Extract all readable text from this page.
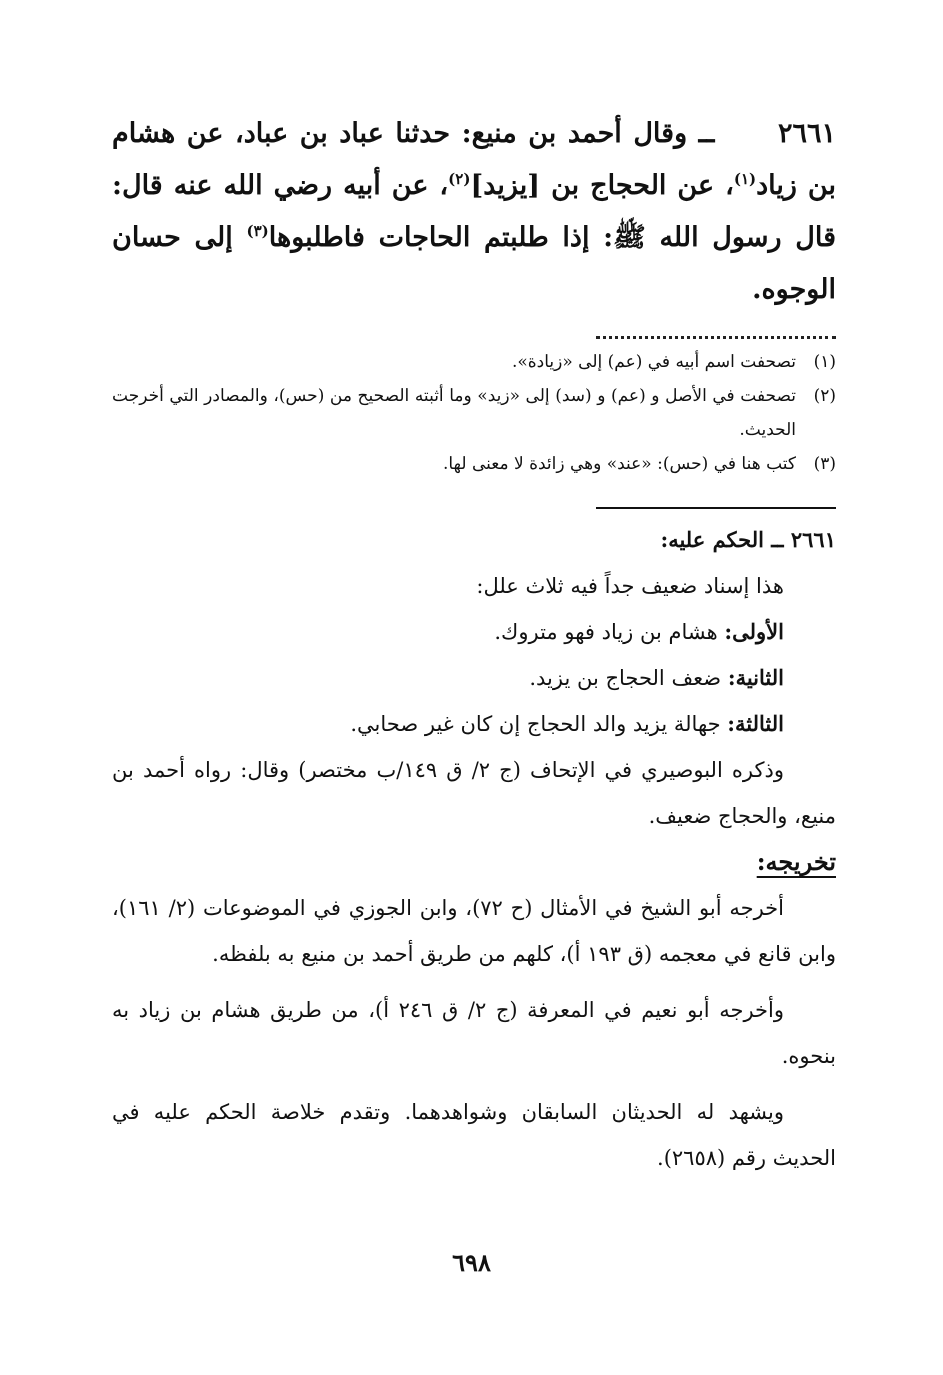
٢٦٦١ ــ وقال أحمد بن منيع: حدثنا عباد بن عباد، عن هشام بن زياد$^{(١)}$، عن الحجاج بن [يزيد]$^{(٢)}$، عن أبيه رضي الله عنه قال: قال رسول الله ﷺ: إذا طلبتم الحاجات فاطلبوها$^{(٣)}$ إلى حسان الوجوه.
(١)
تصحفت اسم أبيه في (عم) إلى «زيادة».
(٢)
تصحفت في الأصل و (عم) و (سد) إلى «زيد» وما أثبته الصحيح من (حس)، والمصادر التي أخرجت الحديث.
(٣)
كتب هنا في (حس): «عند» وهي زائدة لا معنى لها.

٢٦٦١ ــ الحكم عليه:

هذا إسناد ضعيف جداً فيه ثلاث علل:

الأولى: هشام بن زياد فهو متروك.

الثانية: ضعف الحجاج بن يزيد.

الثالثة: جهالة يزيد والد الحجاج إن كان غير صحابي.

وذكره البوصيري في الإتحاف (ج ٢/ ق ١٤٩/ب مختصر) وقال: رواه أحمد بن منيع، والحجاج ضعيف.

تخريجه:

أخرجه أبو الشيخ في الأمثال (ح ٧٢)، وابن الجوزي في الموضوعات (٢/ ١٦١)، وابن قانع في معجمه (ق ١٩٣ أ)، كلهم من طريق أحمد بن منيع به بلفظه.

وأخرجه أبو نعيم في المعرفة (ج ٢/ ق ٢٤٦ أ)، من طريق هشام بن زياد به بنحوه.

ويشهد له الحديثان السابقان وشواهدهما. وتقدم خلاصة الحكم عليه في الحديث رقم (٢٦٥٨).

٦٩٨
